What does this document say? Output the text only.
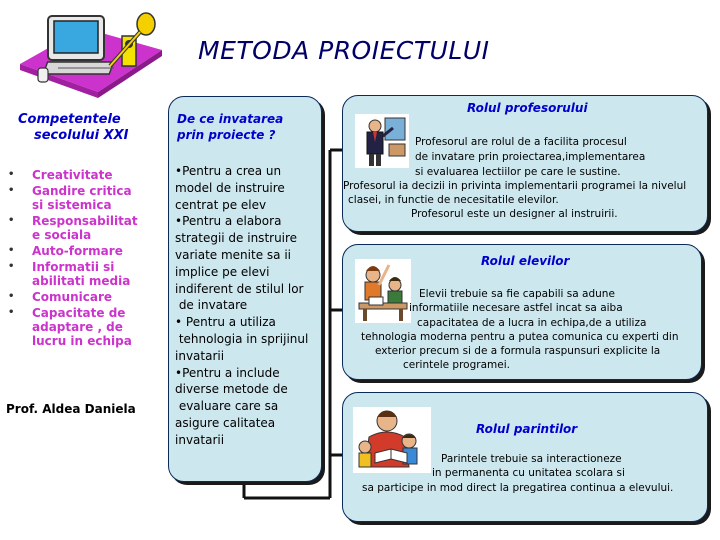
METODA PROIECTULUI
Competentele
secolului XXI
• Creativitate
• Gandire critica
si sistemica
• Responsabilitat
e sociala
• Auto-formare
• Informatii si
abilitati media
• Comunicare
• Capacitate de
adaptare , de
lucru in echipa
Prof. Aldea Daniela
De ce invatarea
prin proiecte ?
•Pentru a crea un
model de instruire
centrat pe elev
•Pentru a elabora
strategii de instruire
variate menite sa ii
implice pe elevi
indiferent de stilul lor
de invatare
• Pentru a utiliza
tehnologia in sprijinul
invatarii
•Pentru a include
diverse metode de
evaluare care sa
asigure calitatea
invatarii
Rolul profesorului
Profesorul are rolul de a facilita procesul
de invatare prin proiectarea,implementarea
si evaluarea lectiilor pe care le sustine.
Profesorul ia decizii in privinta implementarii programei la nivelul
clasei, in functie de necesitatile elevilor.
Profesorul este un designer al instruirii.
Rolul elevilor
Elevii trebuie sa fie capabili sa adune
informatiile necesare astfel incat sa aiba
capacitatea de a lucra in echipa,de a utiliza
tehnologia moderna pentru a putea comunica cu experti din
exterior precum si de a formula raspunsuri explicite la
cerintele programei.
Rolul parintilor
Parintele trebuie sa interactioneze
in permanenta cu unitatea scolara si
sa participe in mod direct la pregatirea continua a elevului.
